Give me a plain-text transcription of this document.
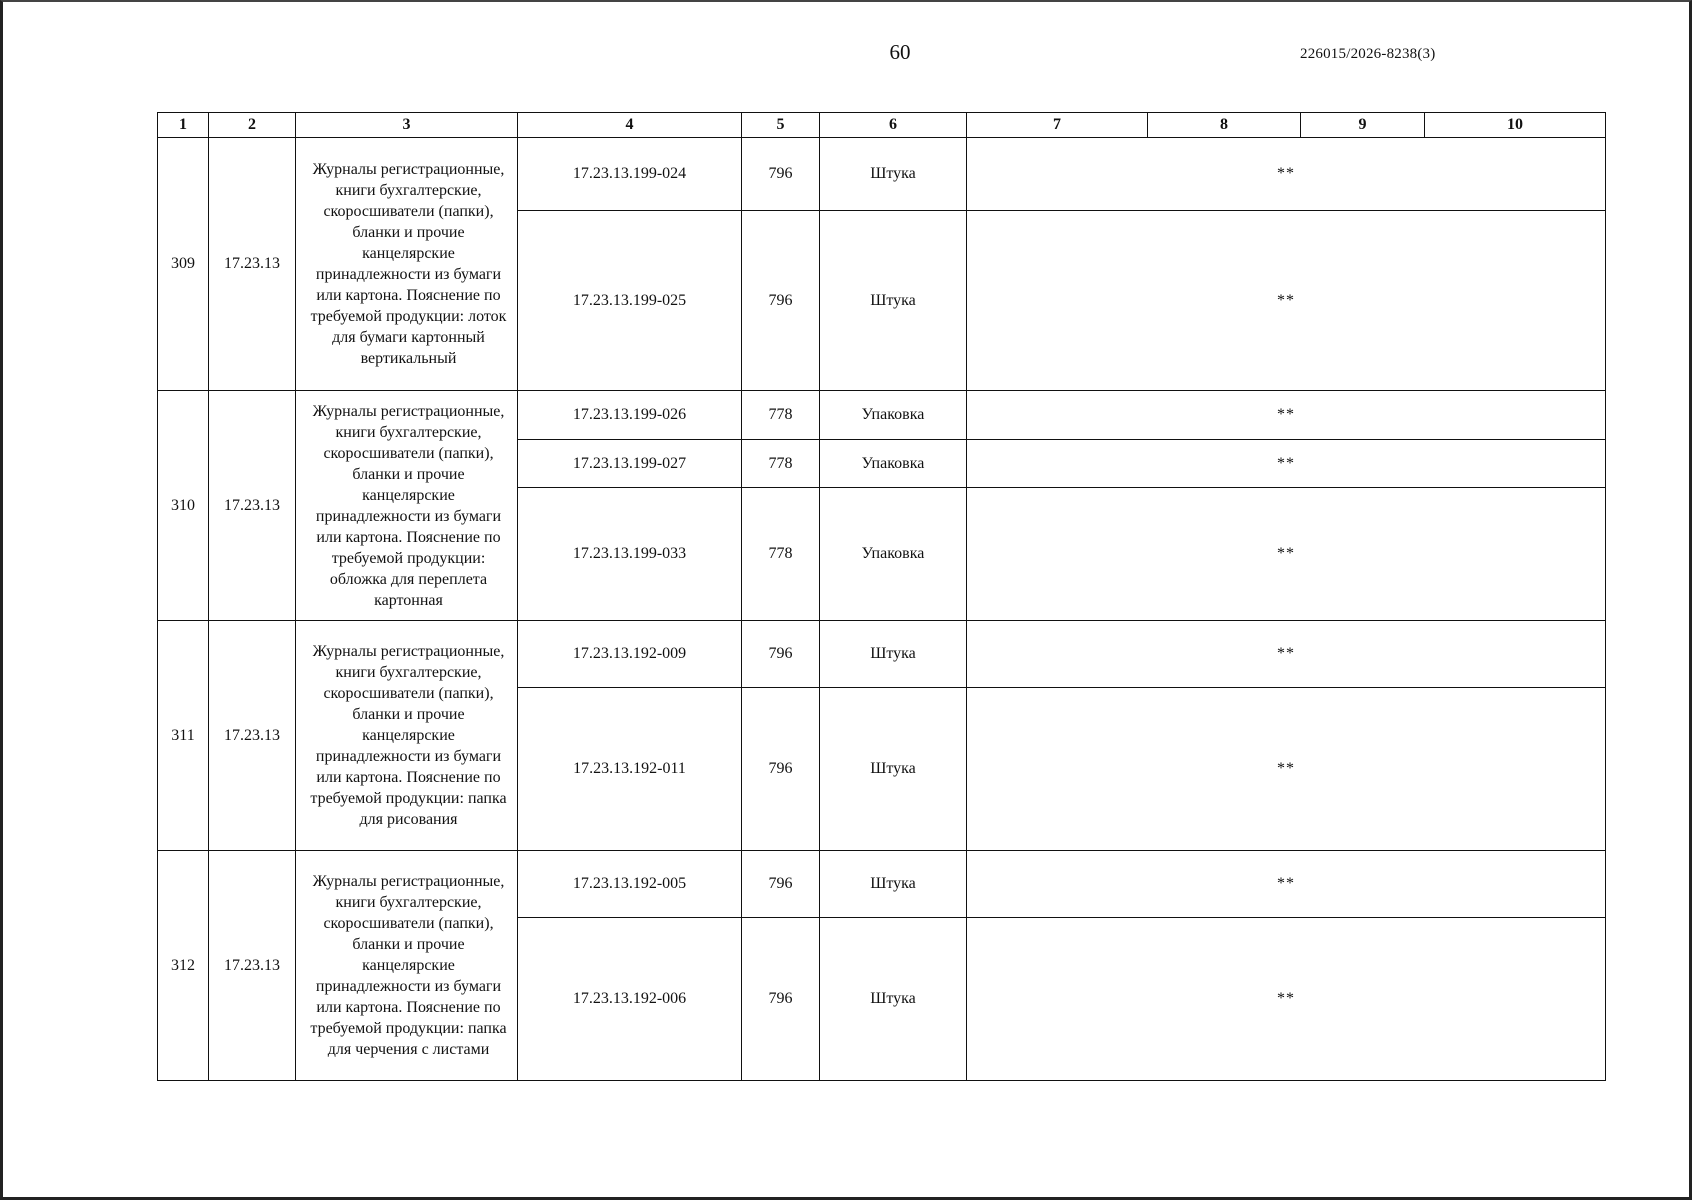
60	226015/2026-8238(3)
1	2	3	4	5	6	7	8	9	10
309	17.23.13	Журналы регистрационные, книги бухгалтерские, скоросшиватели (папки), бланки и прочие канцелярские принадлежности из бумаги или картона. Пояснение по требуемой продукции: лоток для бумаги картонный вертикальный	17.23.13.199-024	796	Штука	**			
			17.23.13.199-025	796	Штука	**			
310	17.23.13	Журналы регистрационные, книги бухгалтерские, скоросшиватели (папки), бланки и прочие канцелярские принадлежности из бумаги или картона. Пояснение по требуемой продукции: обложка для переплета картонная	17.23.13.199-026	778	Упаковка	**			
			17.23.13.199-027	778	Упаковка	**			
			17.23.13.199-033	778	Упаковка	**			
311	17.23.13	Журналы регистрационные, книги бухгалтерские, скоросшиватели (папки), бланки и прочие канцелярские принадлежности из бумаги или картона. Пояснение по требуемой продукции: папка для рисования	17.23.13.192-009	796	Штука	**			
			17.23.13.192-011	796	Штука	**			
312	17.23.13	Журналы регистрационные, книги бухгалтерские, скоросшиватели (папки), бланки и прочие канцелярские принадлежности из бумаги или картона. Пояснение по требуемой продукции: папка для черчения с листами	17.23.13.192-005	796	Штука	**			
			17.23.13.192-006	796	Штука	**			
